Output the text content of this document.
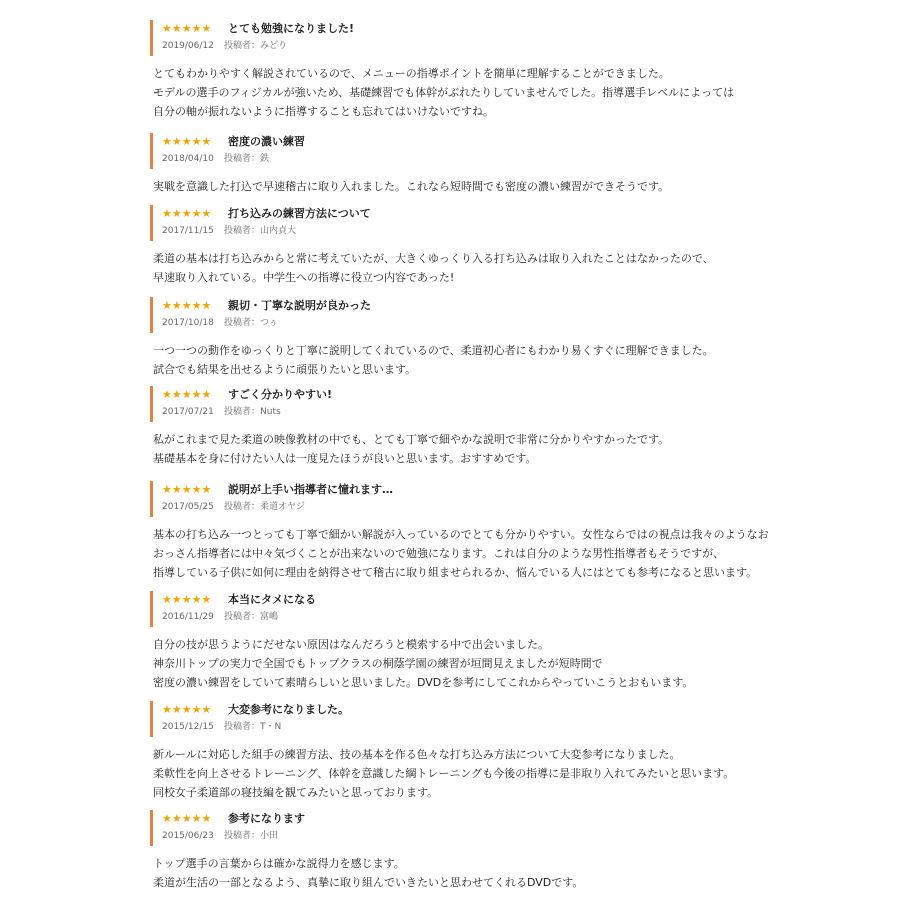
★★★★★ とても勉強になりました!
2019/06/12 投稿者：みどり
とてもわかりやすく解説されているので、メニューの指導ポイントを簡単に理解することができました。
モデルの選手のフィジカルが強いため、基礎練習でも体幹がぶれたりしていませんでした。指導選手レベルによっては
自分の軸が振れないように指導することも忘れてはいけないですね。
★★★★★ 密度の濃い練習
2018/04/10 投稿者：鉄
実戦を意識した打込で早速稽古に取り入れました。これなら短時間でも密度の濃い練習ができそうです。
★★★★★ 打ち込みの練習方法について
2017/11/15 投稿者：山内貞大
柔道の基本は打ち込みからと常に考えていたが、大きくゆっくり入る打ち込みは取り入れたことはなかったので、
早速取り入れている。中学生への指導に役立つ内容であった!
★★★★★ 親切・丁寧な説明が良かった
2017/10/18 投稿者：つぅ
一つ一つの動作をゆっくりと丁寧に説明してくれているので、柔道初心者にもわかり易くすぐに理解できました。
試合でも結果を出せるように頑張りたいと思います。
★★★★★ すごく分かりやすい!
2017/07/21 投稿者：Nuts
私がこれまで見た柔道の映像教材の中でも、とても丁寧で細やかな説明で非常に分かりやすかったです。
基礎基本を身に付けたい人は一度見たほうが良いと思います。おすすめです。
★★★★★ 説明が上手い指導者に憧れます…
2017/05/25 投稿者：柔道オヤジ
基本の打ち込み一つとっても丁寧で細かい解説が入っているのでとても分かりやすい。女性ならではの視点は我々のようなお
おっさん指導者には中々気づくことが出来ないので勉強になります。これは自分のような男性指導者もそうですが、
指導している子供に如何に理由を納得させて稽古に取り組ませられるか、悩んでいる人にはとても参考になると思います。
★★★★★ 本当にタメになる
2016/11/29 投稿者：富嶋
自分の技が思うようにだせない原因はなんだろうと模索する中で出会いました。
神奈川トップの実力で全国でもトップクラスの桐蔭学園の練習が垣間見えましたが短時間で
密度の濃い練習をしていて素晴らしいと思いました。DVDを参考にしてこれからやっていこうとおもいます。
★★★★★ 大変参考になりました。
2015/12/15 投稿者：T・N
新ルールに対応した組手の練習方法、技の基本を作る色々な打ち込み方法について大変参考になりました。
柔軟性を向上させるトレーニング、体幹を意識した綱トレーニングも今後の指導に是非取り入れてみたいと思います。
同校女子柔道部の寝技編を観てみたいと思っております。
★★★★★ 参考になります
2015/06/23 投稿者：小田
トップ選手の言葉からは確かな説得力を感じます。
柔道が生活の一部となるよう、真摯に取り組んでいきたいと思わせてくれるDVDです。
